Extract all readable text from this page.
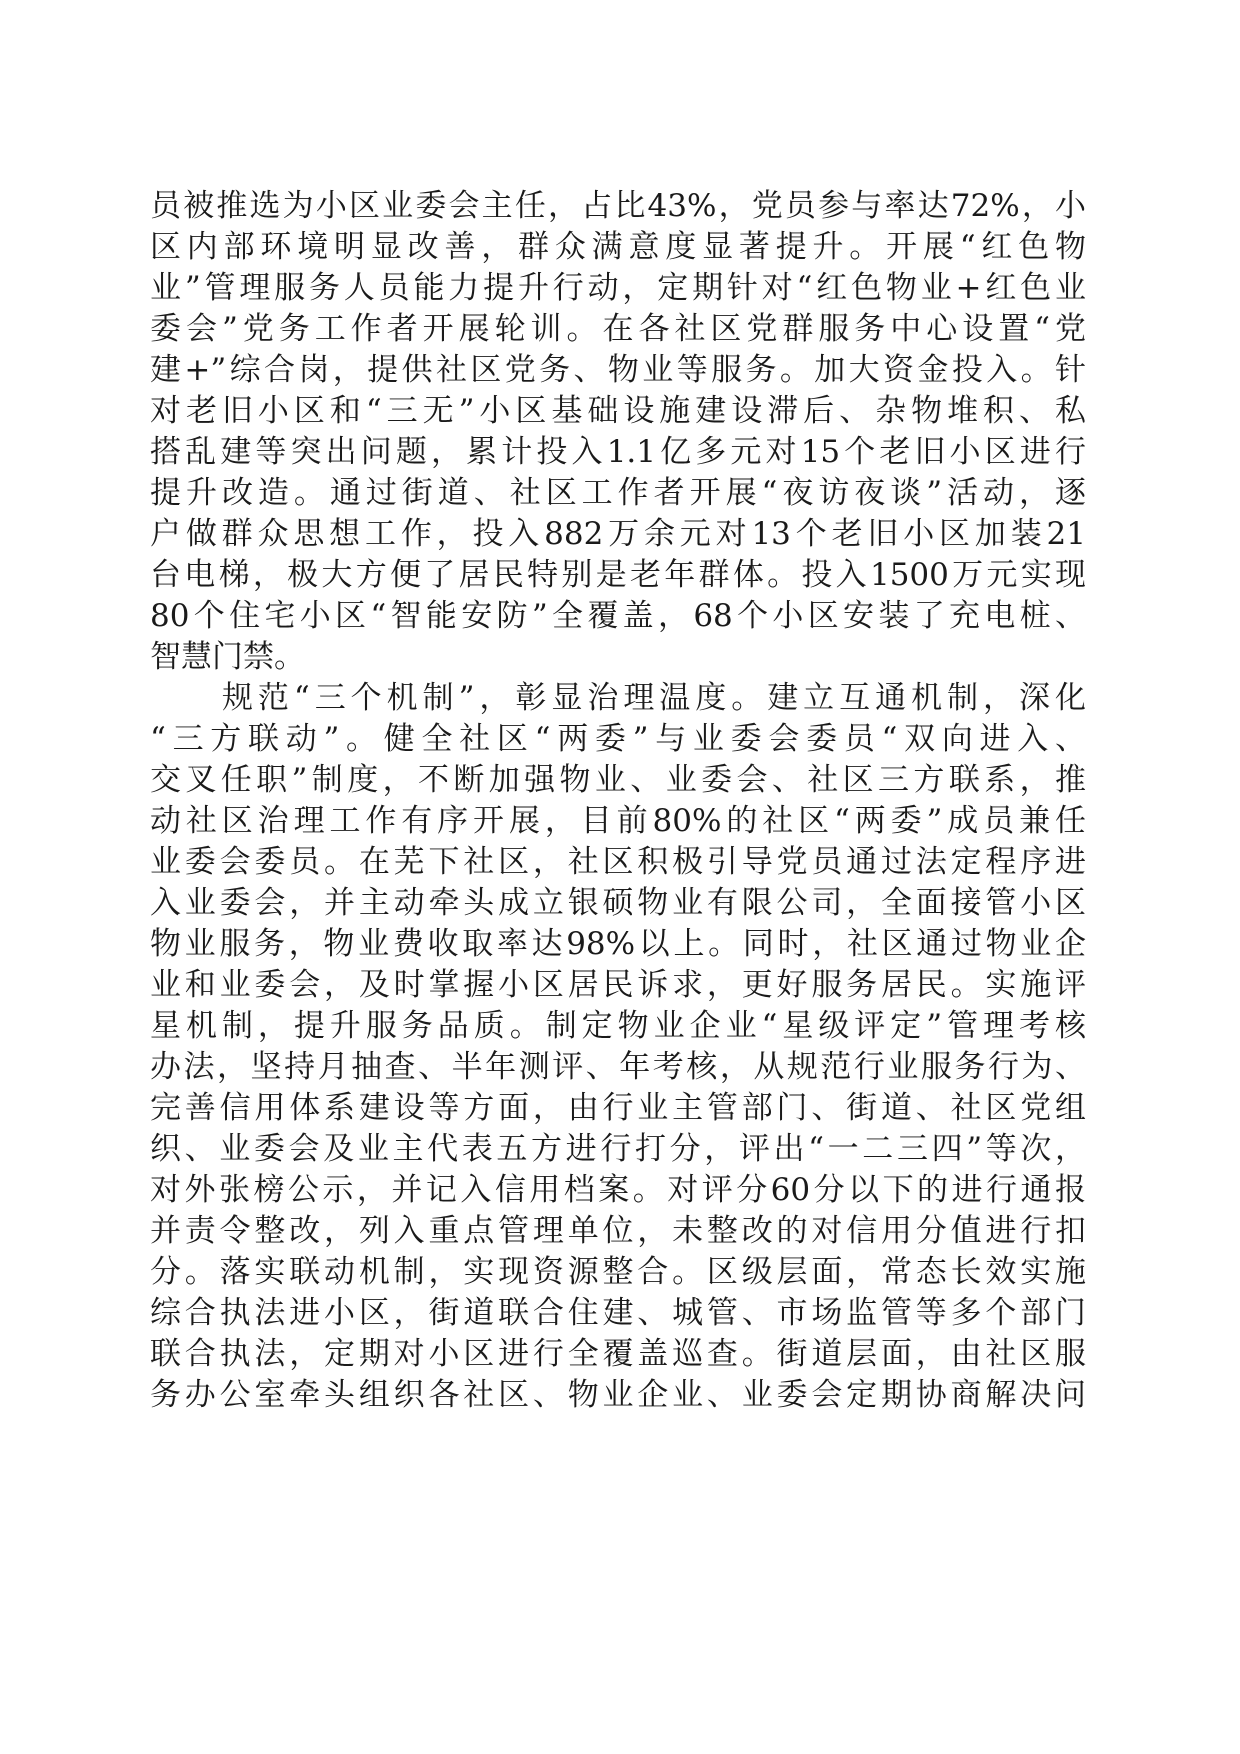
员被推选为小区业委会主任，占比43%，党员参与率达72%，小
区内部环境明显改善，群众满意度显著提升。开展“红色物
业”管理服务人员能力提升行动，定期针对“红色物业+红色业
委会”党务工作者开展轮训。在各社区党群服务中心设置“党
建+”综合岗，提供社区党务、物业等服务。加大资金投入。针
对老旧小区和“三无”小区基础设施建设滞后、杂物堆积、私
搭乱建等突出问题，累计投入1.1亿多元对15个老旧小区进行
提升改造。通过街道、社区工作者开展“夜访夜谈”活动，逐
户做群众思想工作，投入882万余元对13个老旧小区加装21
台电梯，极大方便了居民特别是老年群体。投入1500万元实现
80个住宅小区“智能安防”全覆盖，68个小区安装了充电桩、
智慧门禁。
　　规范“三个机制”，彰显治理温度。建立互通机制，深化
“三方联动”。健全社区“两委”与业委会委员“双向进入、
交叉任职”制度，不断加强物业、业委会、社区三方联系，推
动社区治理工作有序开展，目前80%的社区“两委”成员兼任
业委会委员。在芜下社区，社区积极引导党员通过法定程序进
入业委会，并主动牵头成立银硕物业有限公司，全面接管小区
物业服务，物业费收取率达98%以上。同时，社区通过物业企
业和业委会，及时掌握小区居民诉求，更好服务居民。实施评
星机制，提升服务品质。制定物业企业“星级评定”管理考核
办法，坚持月抽查、半年测评、年考核，从规范行业服务行为、
完善信用体系建设等方面，由行业主管部门、街道、社区党组
织、业委会及业主代表五方进行打分，评出“一二三四”等次，
对外张榜公示，并记入信用档案。对评分60分以下的进行通报
并责令整改，列入重点管理单位，未整改的对信用分值进行扣
分。落实联动机制，实现资源整合。区级层面，常态长效实施
综合执法进小区，街道联合住建、城管、市场监管等多个部门
联合执法，定期对小区进行全覆盖巡查。街道层面，由社区服
务办公室牵头组织各社区、物业企业、业委会定期协商解决问
